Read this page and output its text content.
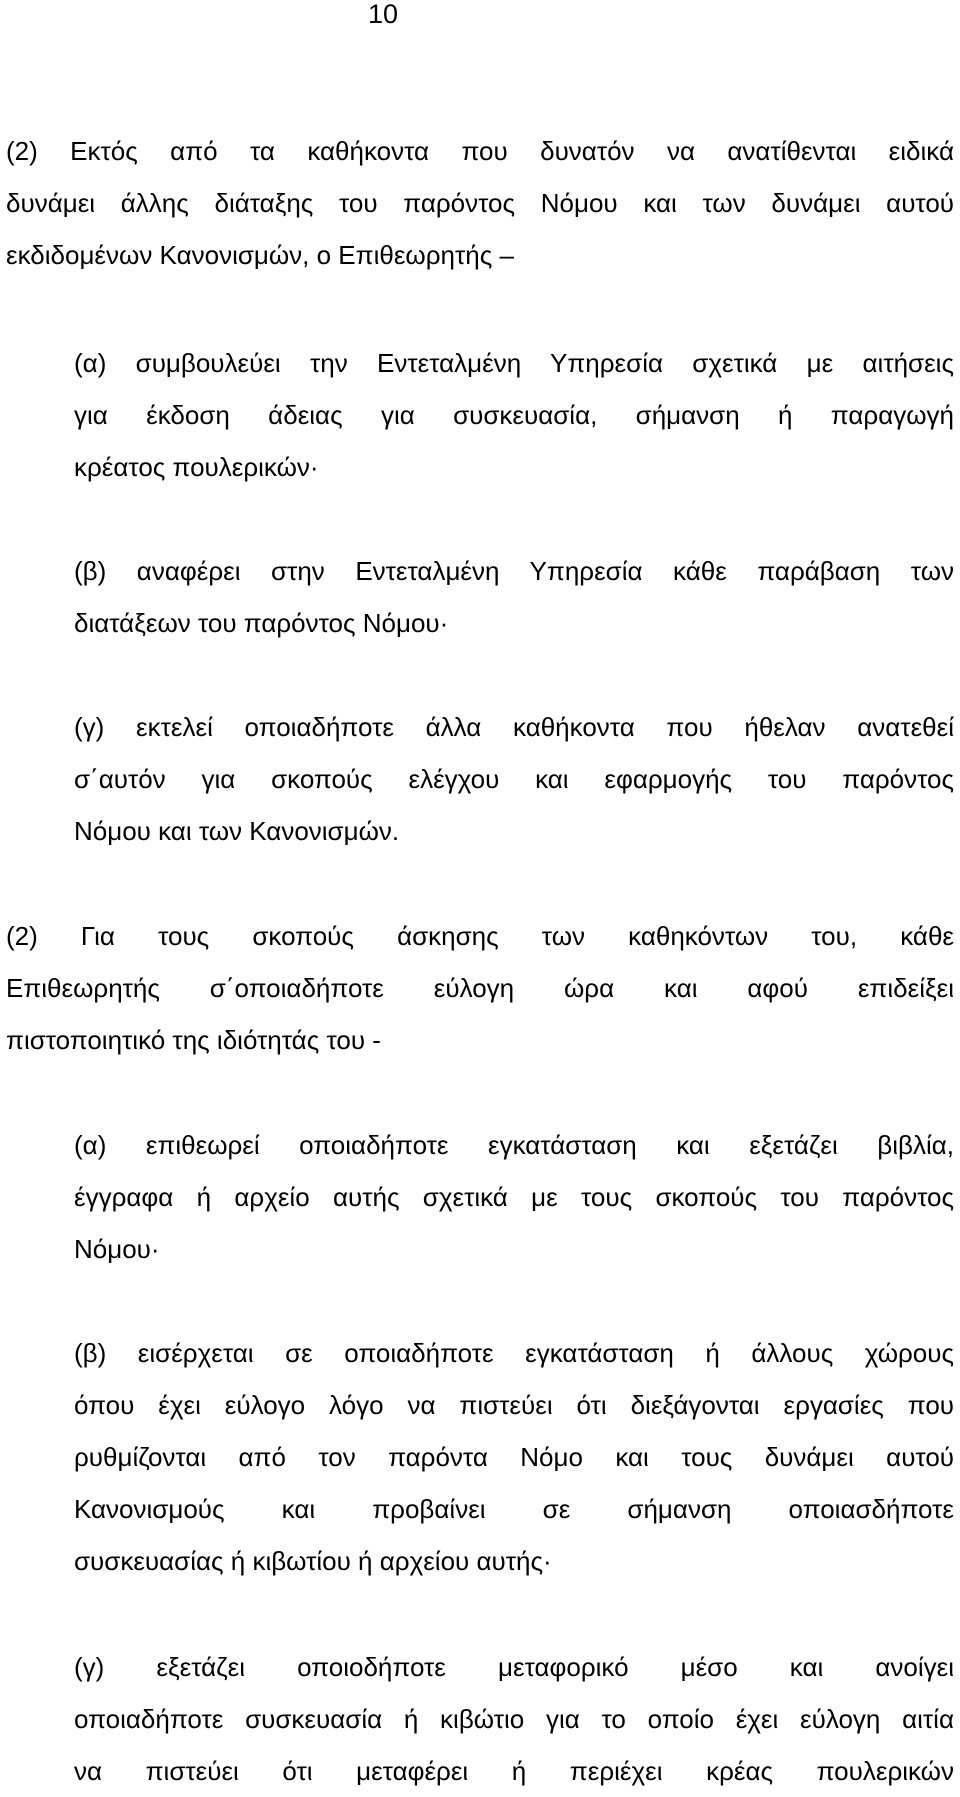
10

(2) Εκτός από τα καθήκοντα που δυνατόν να ανατίθενται ειδικά
δυνάμει άλλης διάταξης του παρόντος Νόμου και των δυνάμει αυτού
εκδιδομένων Κανονισμών, ο Επιθεωρητής –

(α) συμβουλεύει την Εντεταλμένη Υπηρεσία σχετικά με αιτήσεις
για έκδοση άδειας για συσκευασία, σήμανση ή παραγωγή
κρέατος πουλερικών·

(β) αναφέρει στην Εντεταλμένη Υπηρεσία κάθε παράβαση των
διατάξεων του παρόντος Νόμου·

(γ) εκτελεί οποιαδήποτε άλλα καθήκοντα που ήθελαν ανατεθεί
σ΄αυτόν για σκοπούς ελέγχου και εφαρμογής του παρόντος
Νόμου και των Κανονισμών.

(2) Για τους σκοπούς άσκησης των καθηκόντων του, κάθε
Επιθεωρητής σ΄οποιαδήποτε εύλογη ώρα και αφού επιδείξει
πιστοποιητικό της ιδιότητάς του -

(α) επιθεωρεί οποιαδήποτε εγκατάσταση και εξετάζει βιβλία,
έγγραφα ή αρχείο αυτής σχετικά με τους σκοπούς του παρόντος
Νόμου·

(β) εισέρχεται σε οποιαδήποτε εγκατάσταση ή άλλους χώρους
όπου έχει εύλογο λόγο να πιστεύει ότι διεξάγονται εργασίες που
ρυθμίζονται από τον παρόντα Νόμο και τους δυνάμει αυτού
Κανονισμούς και προβαίνει σε σήμανση οποιασδήποτε
συσκευασίας ή κιβωτίου ή αρχείου αυτής·

(γ) εξετάζει οποιοδήποτε μεταφορικό μέσο και ανοίγει
οποιαδήποτε συσκευασία ή κιβώτιο για το οποίο έχει εύλογη αιτία
να πιστεύει ότι μεταφέρει ή περιέχει κρέας πουλερικών
